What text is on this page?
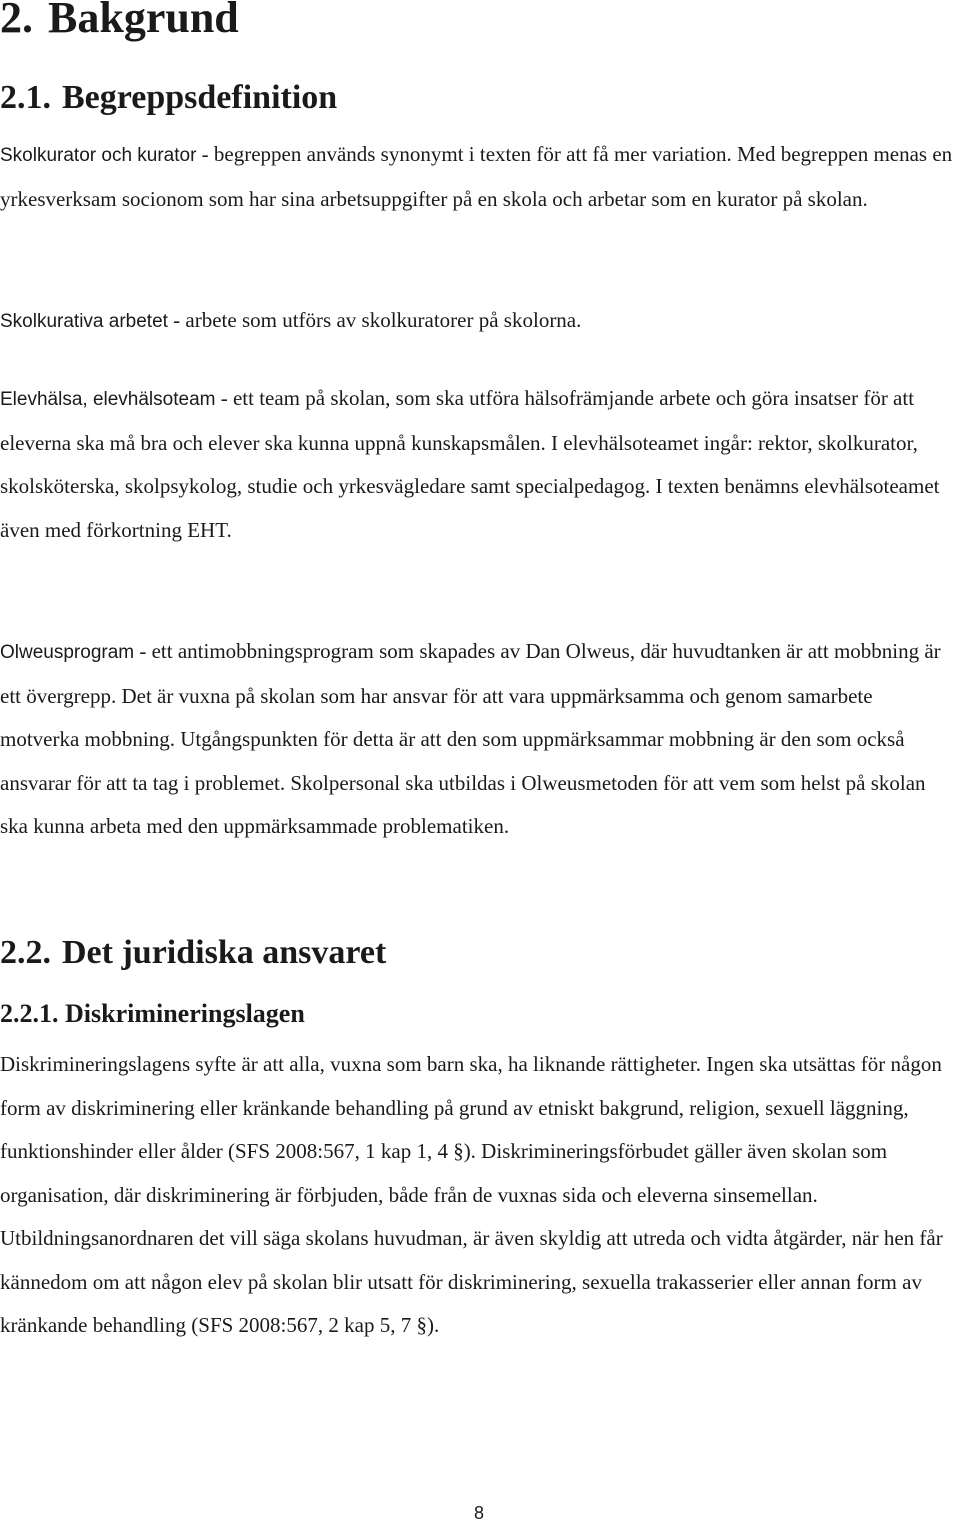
2. Bakgrund
2.1. Begreppsdefinition

Skolkurator och kurator - begreppen används synonymt i texten för att få mer variation. Med begreppen menas en yrkesverksam socionom som har sina arbetsuppgifter på en skola och arbetar som en kurator på skolan.

Skolkurativa arbetet - arbete som utförs av skolkuratorer på skolorna.

Elevhälsa, elevhälsoteam - ett team på skolan, som ska utföra hälsofrämjande arbete och göra insatser för att eleverna ska må bra och elever ska kunna uppnå kunskapsmålen. I elevhälsoteamet ingår: rektor, skolkurator, skolsköterska, skolpsykolog, studie och yrkesvägledare samt specialpedagog. I texten benämns elevhälsoteamet även med förkortning EHT.

Olweusprogram - ett antimobbningsprogram som skapades av Dan Olweus, där huvudtanken är att mobbning är ett övergrepp. Det är vuxna på skolan som har ansvar för att vara uppmärksamma och genom samarbete motverka mobbning. Utgångspunkten för detta är att den som uppmärksammar mobbning är den som också ansvarar för att ta tag i problemet. Skolpersonal ska utbildas i Olweusmetoden för att vem som helst på skolan ska kunna arbeta med den uppmärksammade problematiken.

2.2. Det juridiska ansvaret
2.2.1. Diskrimineringslagen

Diskrimineringslagens syfte är att alla, vuxna som barn ska, ha liknande rättigheter. Ingen ska utsättas för någon form av diskriminering eller kränkande behandling på grund av etniskt bakgrund, religion, sexuell läggning, funktionshinder eller ålder (SFS 2008:567, 1 kap 1, 4 §). Diskrimineringsförbudet gäller även skolan som organisation, där diskriminering är förbjuden, både från de vuxnas sida och eleverna sinsemellan. Utbildningsanordnaren det vill säga skolans huvudman, är även skyldig att utreda och vidta åtgärder, när hen får kännedom om att någon elev på skolan blir utsatt för diskriminering, sexuella trakasserier eller annan form av kränkande behandling (SFS 2008:567, 2 kap 5, 7 §).

8
